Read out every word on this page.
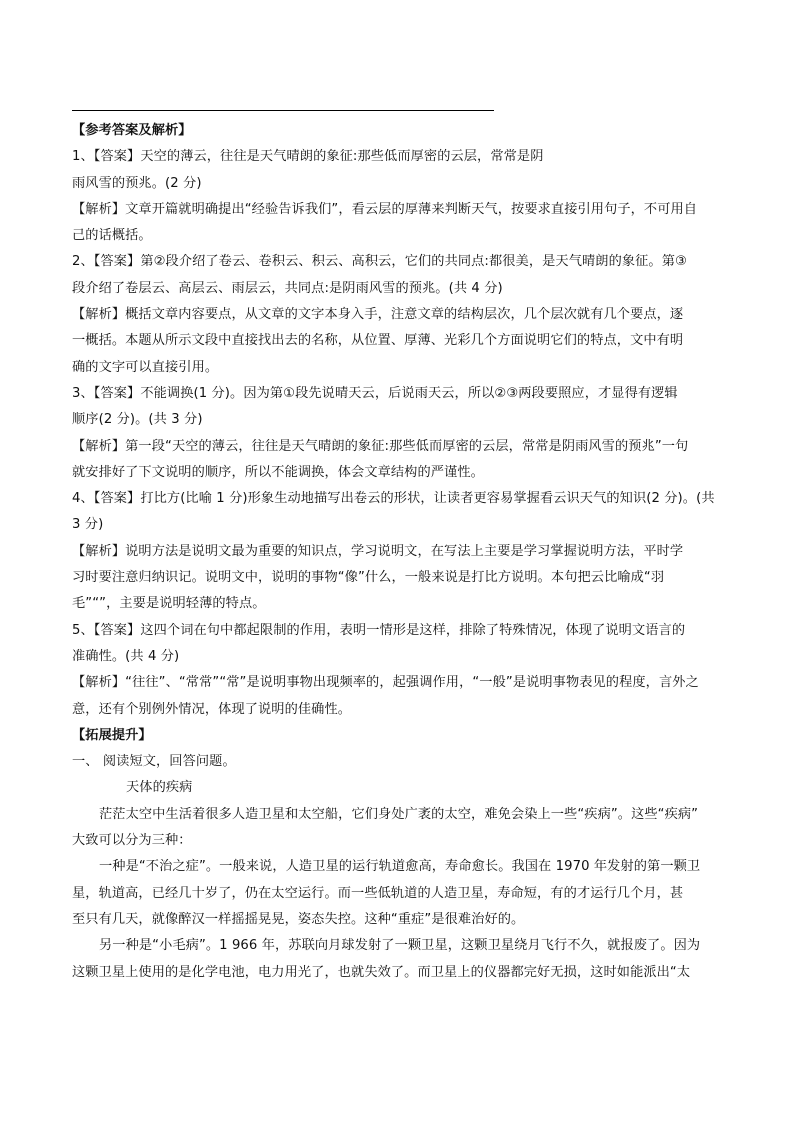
【参考答案及解析】
1、【答案】天空的薄云，往往是天气晴朗的象征:那些低而厚密的云层，常常是阴
雨风雪的预兆。(2 分)
【解析】文章开篇就明确提出“经验告诉我们”，看云层的厚薄来判断天气，按要求直接引用句子，不可用自
己的话概括。
2、【答案】第②段介绍了卷云、卷积云、积云、高积云，它们的共同点:都很美，是天气晴朗的象征。第③
段介绍了卷层云、高层云、雨层云，共同点:是阴雨风雪的预兆。(共 4 分)
【解析】概括文章内容要点，从文章的文字本身入手，注意文章的结构层次，几个层次就有几个要点，逐
一概括。本题从所示文段中直接找出去的名称，从位置、厚薄、光彩几个方面说明它们的特点，文中有明
确的文字可以直接引用。
3、【答案】不能调换(1 分)。因为第①段先说晴天云，后说雨天云，所以②③两段要照应，才显得有逻辑
顺序(2 分)。(共 3 分)
【解析】第一段“天空的薄云，往往是天气晴朗的象征:那些低而厚密的云层，常常是阴雨风雪的预兆”一句
就安排好了下文说明的顺序，所以不能调换，体会文章结构的严谨性。
4、【答案】打比方(比喻 1 分)形象生动地描写出卷云的形状，让读者更容易掌握看云识天气的知识(2 分)。(共
3 分)
【解析】说明方法是说明文最为重要的知识点，学习说明文，在写法上主要是学习掌握说明方法，平时学
习时要注意归纳识记。说明文中，说明的事物“像”什么，一般来说是打比方说明。本句把云比喻成“羽
毛”“”，主要是说明轻薄的特点。
5、【答案】这四个词在句中都起限制的作用，表明一情形是这样，排除了特殊情况，体现了说明文语言的
准确性。(共 4 分)
【解析】“往往”、“常常”“常”是说明事物出现频率的，起强调作用，“一般”是说明事物表见的程度，言外之
意，还有个别例外情况，体现了说明的佳确性。
【拓展提升】
一、 阅读短文，回答问题。
天体的疾病
茫茫太空中生活着很多人造卫星和太空船，它们身处广袤的太空，难免会染上一些“疾病”。这些“疾病”
大致可以分为三种：
一种是“不治之症”。一般来说，人造卫星的运行轨道愈高，寿命愈长。我国在 1970 年发射的第一颗卫
星，轨道高，已经几十岁了，仍在太空运行。而一些低轨道的人造卫星，寿命短，有的才运行几个月，甚
至只有几天，就像醉汉一样摇摇晃晃，姿态失控。这种“重症”是很难治好的。
另一种是“小毛病”。1 966 年，苏联向月球发射了一颗卫星，这颗卫星绕月飞行不久，就报废了。因为
这颗卫星上使用的是化学电池，电力用光了，也就失效了。而卫星上的仪器都完好无损，这时如能派出“太
